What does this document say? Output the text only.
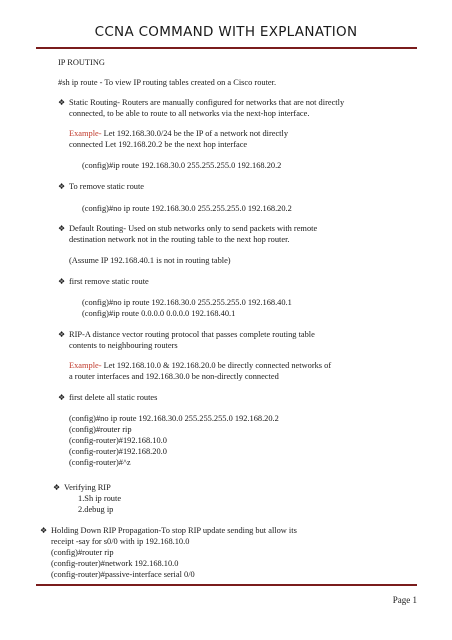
CCNA COMMAND WITH EXPLANATION
IP ROUTING
#sh ip route - To view IP routing tables created on a Cisco router.
❖ Static Routing- Routers are manually configured for networks that are not directly
connected, to be able to route to all networks via the next-hop interface.
Example- Let 192.168.30.0/24 be the IP of a network not directly
connected Let 192.168.20.2 be the next hop interface
(config)#ip route 192.168.30.0 255.255.255.0 192.168.20.2
❖ To remove static route
(config)#no ip route 192.168.30.0 255.255.255.0 192.168.20.2
❖ Default Routing- Used on stub networks only to send packets with remote
destination network not in the routing table to the next hop router.
(Assume IP 192.168.40.1 is not in routing table)
❖ first remove static route
(config)#no ip route 192.168.30.0 255.255.255.0 192.168.40.1
(config)#ip route 0.0.0.0 0.0.0.0 192.168.40.1
❖ RIP-A distance vector routing protocol that passes complete routing table
contents to neighbouring routers
Example- Let 192.168.10.0 & 192.168.20.0 be directly connected networks of
a router interfaces and 192.168.30.0 be non-directly connected
❖ first delete all static routes
(config)#no ip route 192.168.30.0 255.255.255.0 192.168.20.2
(config)#router rip
(config-router)#192.168.10.0
(config-router)#192.168.20.0
(config-router)#^z
❖ Verifying RIP
1.Sh ip route
2.debug ip
❖ Holding Down RIP Propagation-To stop RIP update sending but allow its
receipt -say for s0/0 with ip 192.168.10.0
(config)#router rip
(config-router)#network 192.168.10.0
(config-router)#passive-interface serial 0/0
Page 1
